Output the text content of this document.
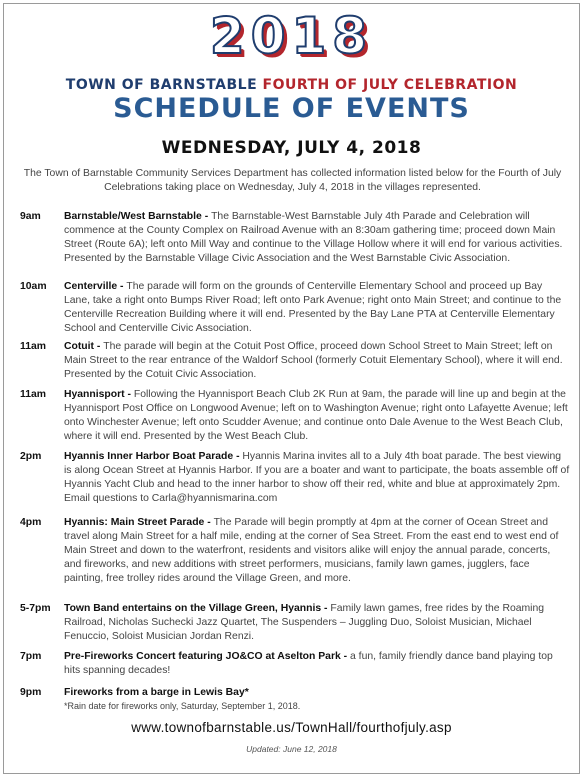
2018
TOWN OF BARNSTABLE FOURTH OF JULY CELEBRATION
SCHEDULE OF EVENTS
WEDNESDAY, JULY 4, 2018
The Town of Barnstable Community Services Department has collected information listed below for the Fourth of July Celebrations taking place on Wednesday, July 4, 2018 in the villages represented.
9am Barnstable/West Barnstable - The Barnstable-West Barnstable July 4th Parade and Celebration will commence at the County Complex on Railroad Avenue with an 8:30am gathering time; proceed down Main Street (Route 6A); left onto Mill Way and continue to the Village Hollow where it will end for various activities. Presented by the Barnstable Village Civic Association and the West Barnstable Civic Association.
10am Centerville - The parade will form on the grounds of Centerville Elementary School and proceed up Bay Lane, take a right onto Bumps River Road; left onto Park Avenue; right onto Main Street; and continue to the Centerville Recreation Building where it will end. Presented by the Bay Lane PTA at Centerville Elementary School and Centerville Civic Association.
11am Cotuit - The parade will begin at the Cotuit Post Office, proceed down School Street to Main Street; left on Main Street to the rear entrance of the Waldorf School (formerly Cotuit Elementary School), where it will end. Presented by the Cotuit Civic Association.
11am Hyannisport - Following the Hyannisport Beach Club 2K Run at 9am, the parade will line up and begin at the Hyannisport Post Office on Longwood Avenue; left on to Washington Avenue; right onto Lafayette Avenue; left onto Winchester Avenue; left onto Scudder Avenue; and continue onto Dale Avenue to the West Beach Club, where it will end. Presented by the West Beach Club.
2pm Hyannis Inner Harbor Boat Parade - Hyannis Marina invites all to a July 4th boat parade. The best viewing is along Ocean Street at Hyannis Harbor. If you are a boater and want to participate, the boats assemble off of Hyannis Yacht Club and head to the inner harbor to show off their red, white and blue at approximately 2pm. Email questions to Carla@hyannismarina.com
4pm Hyannis: Main Street Parade - The Parade will begin promptly at 4pm at the corner of Ocean Street and travel along Main Street for a half mile, ending at the corner of Sea Street. From the east end to west end of Main Street and down to the waterfront, residents and visitors alike will enjoy the annual parade, concerts, and fireworks, and new additions with street performers, musicians, family lawn games, jugglers, face painting, free trolley rides around the Village Green, and more.
5-7pm Town Band entertains on the Village Green, Hyannis - Family lawn games, free rides by the Roaming Railroad, Nicholas Suchecki Jazz Quartet, The Suspenders – Juggling Duo, Soloist Musician, Michael Fenuccio, Soloist Musician Jordan Renzi.
7pm Pre-Fireworks Concert featuring JO&CO at Aselton Park - a fun, family friendly dance band playing top hits spanning decades!
9pm Fireworks from a barge in Lewis Bay*
*Rain date for fireworks only, Saturday, September 1, 2018.
www.townofbarnstable.us/TownHall/fourthofjuly.asp
Updated: June 12, 2018
